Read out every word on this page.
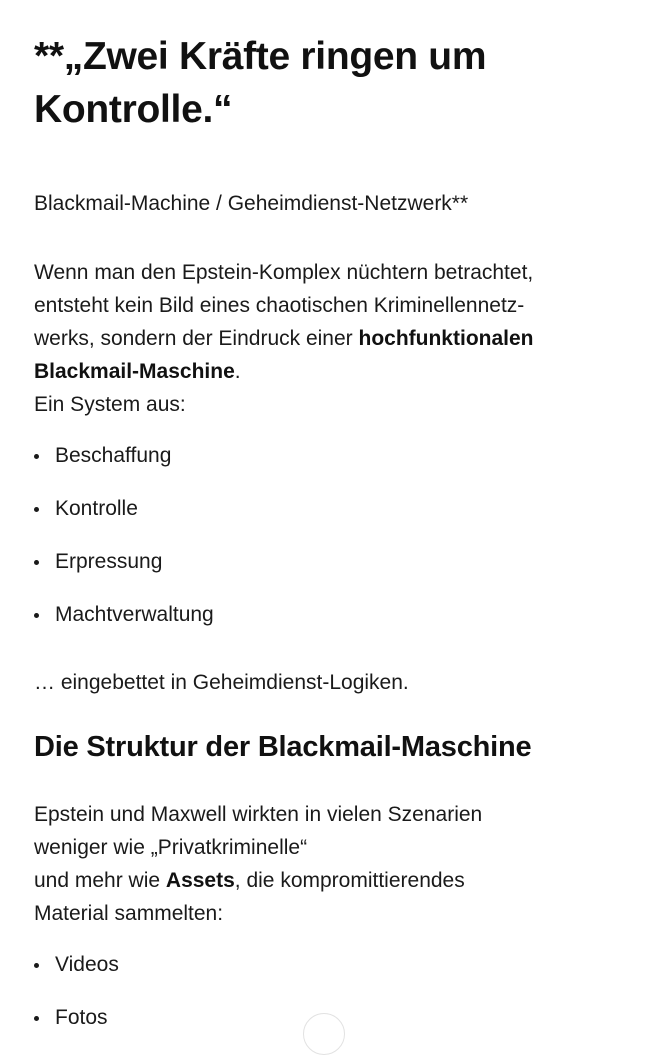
**„Zwei Kräfte ringen um
Kontrolle.“

Blackmail-Machine / Geheimdienst-Netzwerk**

Wenn man den Epstein-Komplex nüchtern betrachtet,
entsteht kein Bild eines chaotischen Kriminellennetz-
werks, sondern der Eindruck einer hochfunktionalen
Blackmail-Maschine.
Ein System aus:

Beschaffung
Kontrolle
Erpressung
Machtverwaltung

… eingebettet in Geheimdienst-Logiken.

Die Struktur der Blackmail-Maschine

Epstein und Maxwell wirkten in vielen Szenarien
weniger wie „Privatkriminelle“
und mehr wie Assets, die kompromittierendes
Material sammelten:

Videos
Fotos
